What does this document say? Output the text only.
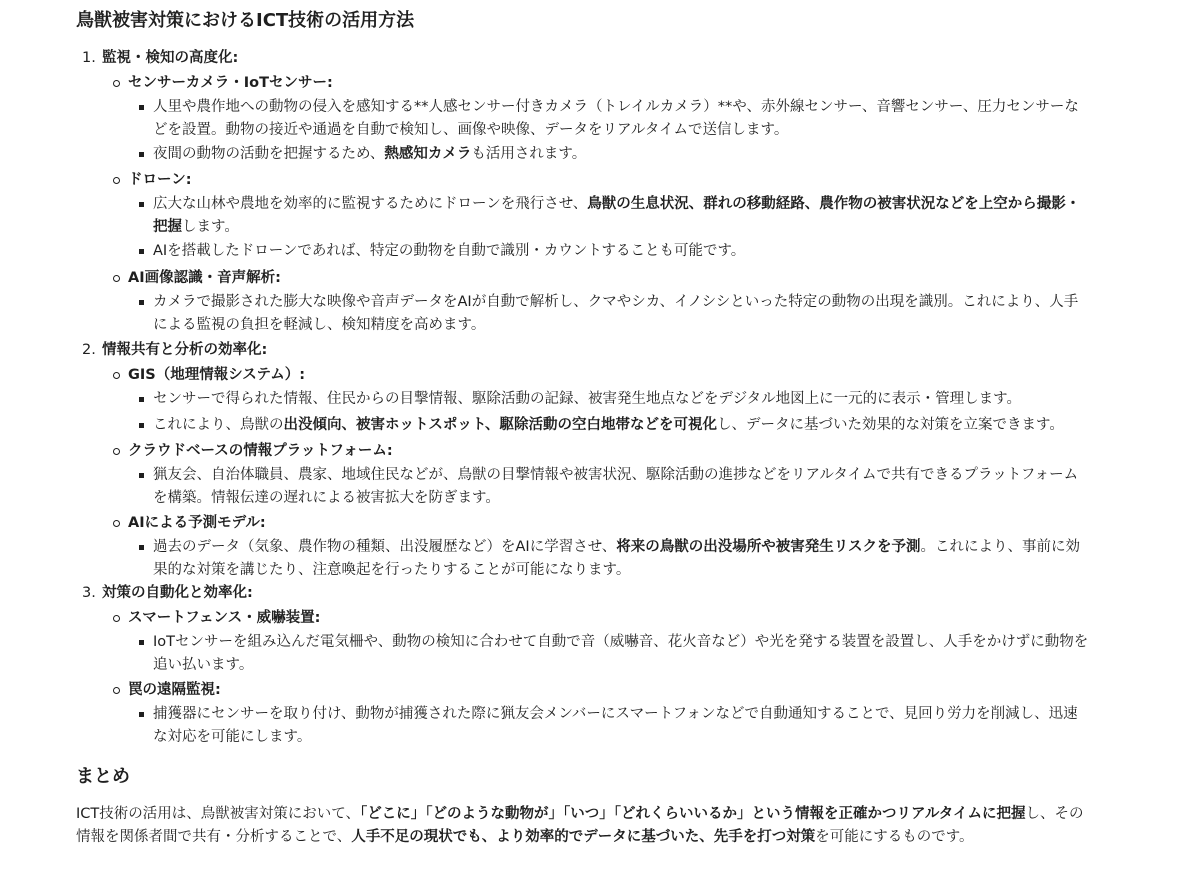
鳥獣被害対策におけるICT技術の活用方法

1. 監視・検知の高度化:

センサーカメラ・IoTセンサー:

人里や農作地への動物の侵入を感知する**人感センサー付きカメラ（トレイルカメラ）**や、赤外線センサー、音響センサー、圧力センサーな

どを設置。動物の接近や通過を自動で検知し、画像や映像、データをリアルタイムで送信します。

夜間の動物の活動を把握するため、熱感知カメラも活用されます。

ドローン:

広大な山林や農地を効率的に監視するためにドローンを飛行させ、鳥獣の生息状況、群れの移動経路、農作物の被害状況などを上空から撮影・

把握します。

AIを搭載したドローンであれば、特定の動物を自動で識別・カウントすることも可能です。

AI画像認識・音声解析:

カメラで撮影された膨大な映像や音声データをAIが自動で解析し、クマやシカ、イノシシといった特定の動物の出現を識別。これにより、人手

による監視の負担を軽減し、検知精度を高めます。

2. 情報共有と分析の効率化:

GIS（地理情報システム）:

センサーで得られた情報、住民からの目撃情報、駆除活動の記録、被害発生地点などをデジタル地図上に一元的に表示・管理します。

これにより、鳥獣の出没傾向、被害ホットスポット、駆除活動の空白地帯などを可視化し、データに基づいた効果的な対策を立案できます。

クラウドベースの情報プラットフォーム:

猟友会、自治体職員、農家、地域住民などが、鳥獣の目撃情報や被害状況、駆除活動の進捗などをリアルタイムで共有できるプラットフォーム

を構築。情報伝達の遅れによる被害拡大を防ぎます。

AIによる予測モデル:

過去のデータ（気象、農作物の種類、出没履歴など）をAIに学習させ、将来の鳥獣の出没場所や被害発生リスクを予測。これにより、事前に効

果的な対策を講じたり、注意喚起を行ったりすることが可能になります。

3. 対策の自動化と効率化:

スマートフェンス・威嚇装置:

IoTセンサーを組み込んだ電気柵や、動物の検知に合わせて自動で音（威嚇音、花火音など）や光を発する装置を設置し、人手をかけずに動物を

追い払います。

罠の遠隔監視:

捕獲器にセンサーを取り付け、動物が捕獲された際に猟友会メンバーにスマートフォンなどで自動通知することで、見回り労力を削減し、迅速

な対応を可能にします。

まとめ

ICT技術の活用は、鳥獣被害対策において、「どこに」「どのような動物が」「いつ」「どれくらいいるか」という情報を正確かつリアルタイムに把握し、その

情報を関係者間で共有・分析することで、人手不足の現状でも、より効率的でデータに基づいた、先手を打つ対策を可能にするものです。
